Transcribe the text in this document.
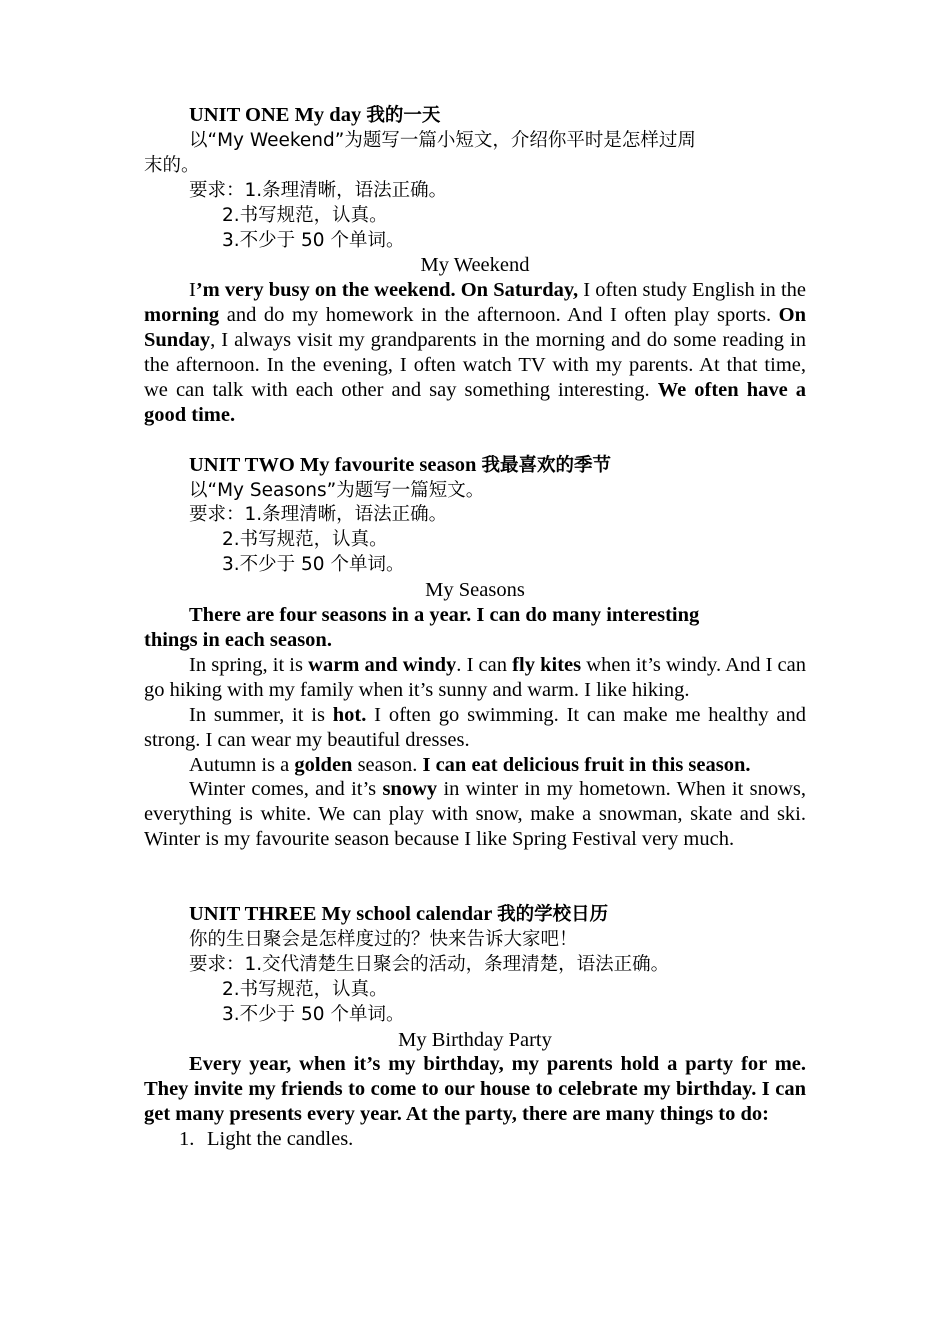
UNIT ONE My day 我的一天
以“My Weekend”为题写一篇小短文，介绍你平时是怎样过周
末的。
要求：1.条理清晰，语法正确。
2.书写规范，认真。
3.不少于 50 个单词。
My Weekend

I’m very busy on the weekend. On Saturday, I often study English in the morning and do my homework in the afternoon. And I often play sports. On Sunday, I always visit my grandparents in the morning and do some reading in the afternoon. In the evening, I often watch TV with my parents. At that time, we can talk with each other and say something interesting. We often have a good time.

UNIT TWO My favourite season 我最喜欢的季节
以“My Seasons”为题写一篇短文。
要求：1.条理清晰，语法正确。
2.书写规范，认真。
3.不少于 50 个单词。
My Seasons
There are four seasons in a year. I can do many interesting
things in each season.

In spring, it is warm and windy. I can fly kites when it’s windy. And I can go hiking with my family when it’s sunny and warm. I like hiking.

In summer, it is hot. I often go swimming. It can make me healthy and strong. I can wear my beautiful dresses.

Autumn is a golden season. I can eat delicious fruit in this season.

Winter comes, and it’s snowy in winter in my hometown. When it snows, everything is white. We can play with snow, make a snowman, skate and ski. Winter is my favourite season because I like Spring Festival very much.

UNIT THREE My school calendar 我的学校日历
你的生日聚会是怎样度过的？快来告诉大家吧！
要求：1.交代清楚生日聚会的活动，条理清楚，语法正确。
2.书写规范，认真。
3.不少于 50 个单词。
My Birthday Party

Every year, when it’s my birthday, my parents hold a party for me. They invite my friends to come to our house to celebrate my birthday. I can get many presents every year. At the party, there are many things to do:

1. Light the candles.
